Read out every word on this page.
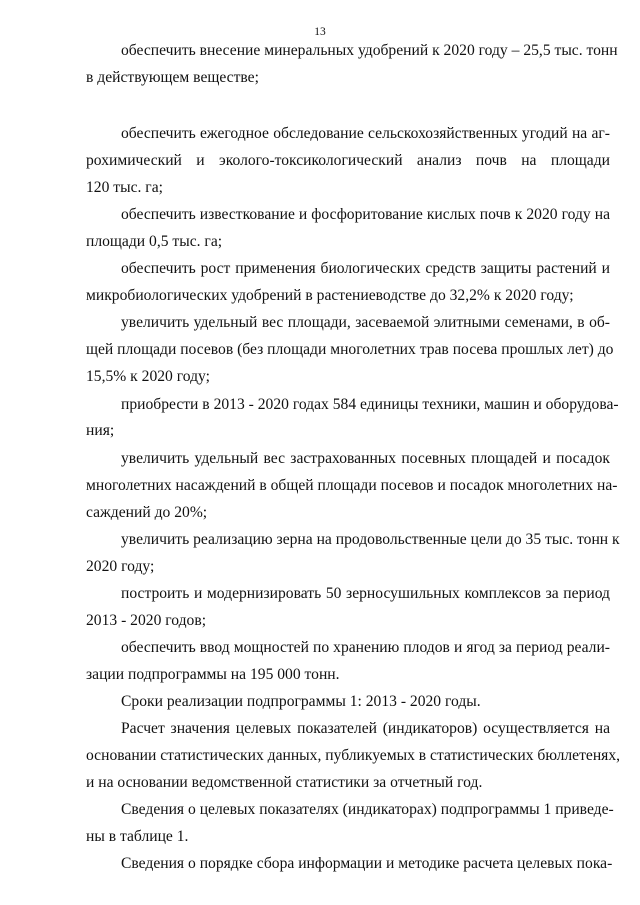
13
обеспечить внесение минеральных удобрений к 2020 году – 25,5 тыс. тонн
в действующем веществе;
обеспечить ежегодное обследование сельскохозяйственных угодий на аг-
рохимический и эколого-токсикологический анализ почв на площади
120 тыс. га;
обеспечить известкование и фосфоритование кислых почв к 2020 году на
площади 0,5 тыс. га;
обеспечить рост применения биологических средств защиты растений и
микробиологических удобрений в растениеводстве до 32,2% к 2020 году;
увеличить удельный вес площади, засеваемой элитными семенами, в об-
щей площади посевов (без площади многолетних трав посева прошлых лет) до
15,5% к 2020 году;
приобрести в 2013 - 2020 годах 584 единицы техники, машин и оборудова-
ния;
увеличить удельный вес застрахованных посевных площадей и посадок
многолетних насаждений в общей площади посевов и посадок многолетних на-
саждений до 20%;
увеличить реализацию зерна на продовольственные цели до 35 тыс. тонн к
2020 году;
построить и модернизировать 50 зерносушильных комплексов за период
2013 - 2020 годов;
обеспечить ввод мощностей по хранению плодов и ягод за период реали-
зации подпрограммы на 195 000 тонн.
Сроки реализации подпрограммы 1: 2013 - 2020 годы.
Расчет значения целевых показателей (индикаторов) осуществляется на
основании статистических данных, публикуемых в статистических бюллетенях,
и на основании ведомственной статистики за отчетный год.
Сведения о целевых показателях (индикаторах) подпрограммы 1 приведе-
ны в таблице 1.
Сведения о порядке сбора информации и методике расчета целевых пока-
